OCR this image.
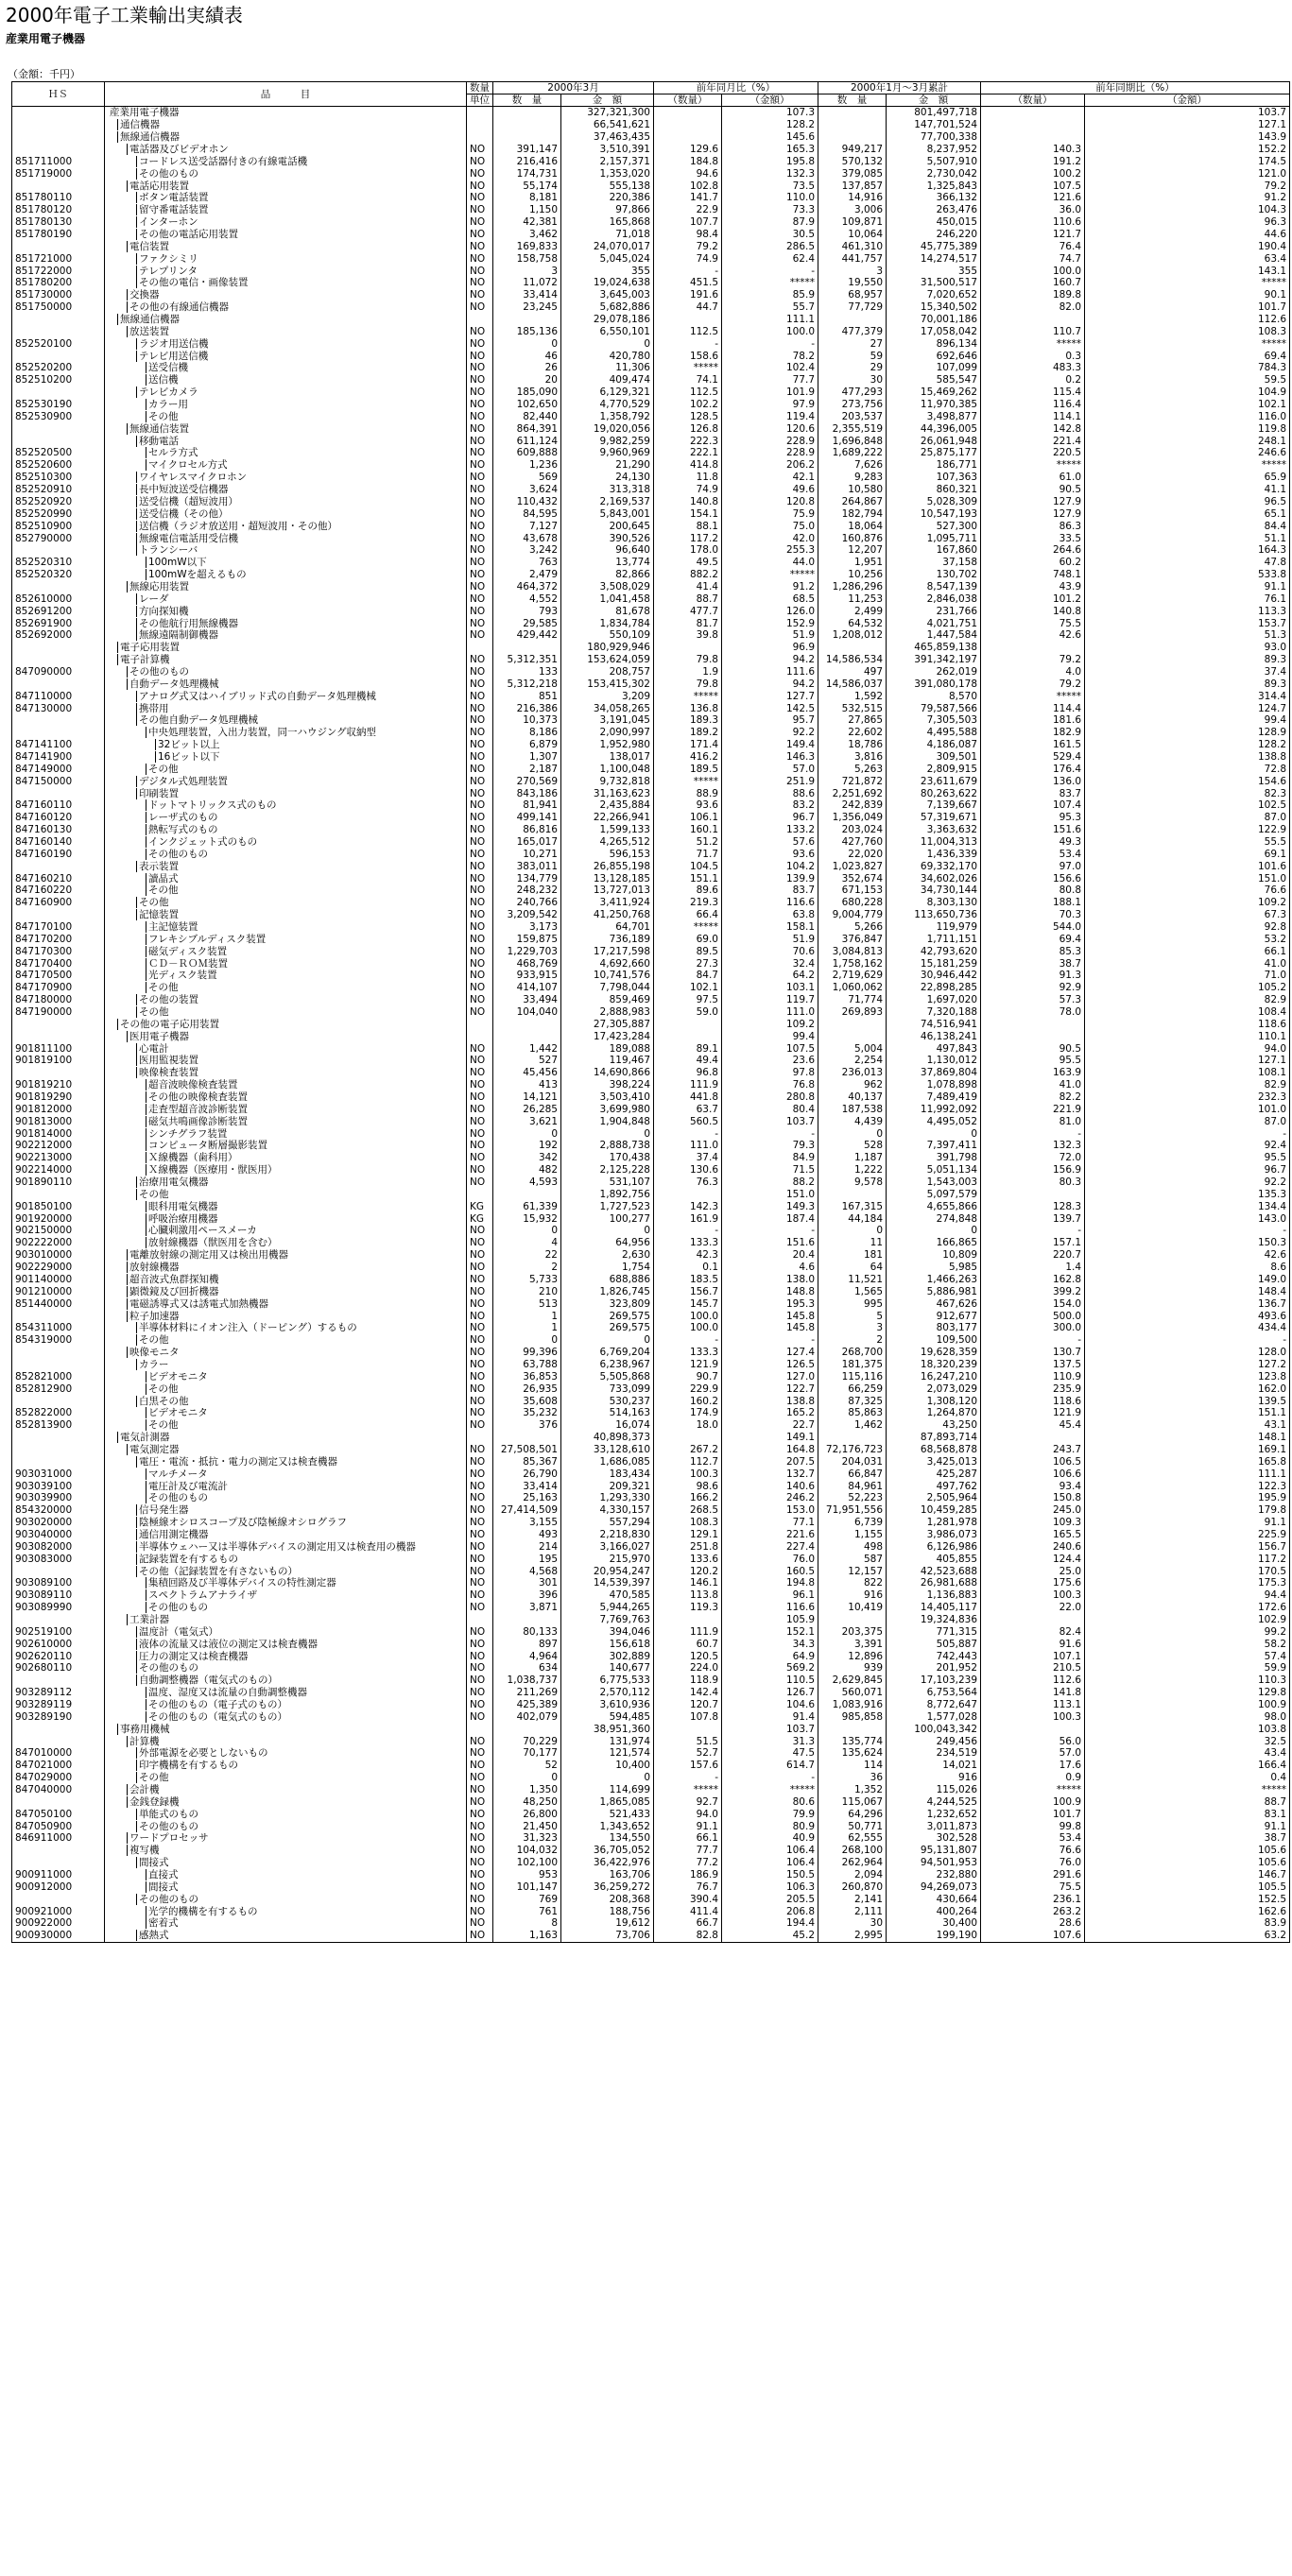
2000年電子工業輸出実績表
産業用電子機器
（金額：千円）
ＨＳ	品　　　目	数量	2000年3月		前年同月比（%）		2000年1月～3月累計		前年同期比（%）	
		単位	数　量	金　額	（数量）	（金額）	数　量	金　額	（数量）	（金額）

	産業用電子機器			327,321,300		107.3		801,497,718		103.7

	通信機器			66,541,621		128.2		147,701,524		127.1

	無線通信機器			37,463,435		145.6		77,700,338		143.9

	電話器及びビデオホン	NO	391,147	3,510,391	129.6	165.3	949,217	8,237,952	140.3	152.2
851711000	コードレス送受話器付きの有線電話機	NO	216,416	2,157,371	184.8	195.8	570,132	5,507,910	191.2	174.5
851719000	その他のもの	NO	174,731	1,353,020	94.6	132.3	379,085	2,730,042	100.2	121.0

	電話応用装置	NO	55,174	555,138	102.8	73.5	137,857	1,325,843	107.5	79.2
851780110	ボタン電話装置	NO	8,181	220,386	141.7	110.0	14,916	366,132	121.6	91.2
851780120	留守番電話装置	NO	1,150	97,866	22.9	73.3	3,006	263,476	36.0	104.3
851780130	インターホン	NO	42,381	165,868	107.7	87.9	109,871	450,015	110.6	96.3
851780190	その他の電話応用装置	NO	3,462	71,018	98.4	30.5	10,064	246,220	121.7	44.6

	電信装置	NO	169,833	24,070,017	79.2	286.5	461,310	45,775,389	76.4	190.4
851721000	ファクシミリ	NO	158,758	5,045,024	74.9	62.4	441,757	14,274,517	74.7	63.4
851722000	テレプリンタ	NO	3	355	-	-	3	355	100.0	143.1
851780200	その他の電信・画像装置	NO	11,072	19,024,638	451.5	*****	19,550	31,500,517	160.7	*****
851730000	交換器	NO	33,414	3,645,003	191.6	85.9	68,957	7,020,652	189.8	90.1
851750000	その他の有線通信機器	NO	23,245	5,682,886	44.7	55.7	77,729	15,340,502	82.0	101.7

	無線通信機器			29,078,186		111.1		70,001,186		112.6

	放送装置	NO	185,136	6,550,101	112.5	100.0	477,379	17,058,042	110.7	108.3
852520100	ラジオ用送信機	NO	0	0	-	-	27	896,134	*****	*****

	テレビ用送信機	NO	46	420,780	158.6	78.2	59	692,646	0.3	69.4
852520200	送受信機	NO	26	11,306	*****	102.4	29	107,099	483.3	784.3
852510200	送信機	NO	20	409,474	74.1	77.7	30	585,547	0.2	59.5

	テレビカメラ	NO	185,090	6,129,321	112.5	101.9	477,293	15,469,262	115.4	104.9
852530190	カラー用	NO	102,650	4,770,529	102.2	97.9	273,756	11,970,385	116.4	102.1
852530900	その他	NO	82,440	1,358,792	128.5	119.4	203,537	3,498,877	114.1	116.0

	無線通信装置	NO	864,391	19,020,056	126.8	120.6	2,355,519	44,396,005	142.8	119.8

	移動電話	NO	611,124	9,982,259	222.3	228.9	1,696,848	26,061,948	221.4	248.1
852520500	セルラ方式	NO	609,888	9,960,969	222.1	228.9	1,689,222	25,875,177	220.5	246.6
852520600	マイクロセル方式	NO	1,236	21,290	414.8	206.2	7,626	186,771	*****	*****
852510300	ワイヤレスマイクロホン	NO	569	24,130	11.8	42.1	9,283	107,363	61.0	65.9
852520910	長中短波送受信機器	NO	3,624	313,318	74.9	49.6	10,580	860,321	90.5	41.1
852520920	送受信機（超短波用）	NO	110,432	2,169,537	140.8	120.8	264,867	5,028,309	127.9	96.5
852520990	送受信機（その他）	NO	84,595	5,843,001	154.1	75.9	182,794	10,547,193	127.9	65.1
852510900	送信機（ラジオ放送用・超短波用・その他）	NO	7,127	200,645	88.1	75.0	18,064	527,300	86.3	84.4
852790000	無線電信電話用受信機	NO	43,678	390,526	117.2	42.0	160,876	1,095,711	33.5	51.1

	トランシーバ	NO	3,242	96,640	178.0	255.3	12,207	167,860	264.6	164.3
852520310	100mW以下	NO	763	13,774	49.5	44.0	1,951	37,158	60.2	47.8
852520320	100mWを超えるもの	NO	2,479	82,866	882.2	*****	10,256	130,702	748.1	533.8

	無線応用装置	NO	464,372	3,508,029	41.4	91.2	1,286,296	8,547,139	43.9	91.1
852610000	レーダ	NO	4,552	1,041,458	88.7	68.5	11,253	2,846,038	101.2	76.1
852691200	方向探知機	NO	793	81,678	477.7	126.0	2,499	231,766	140.8	113.3
852691900	その他航行用無線機器	NO	29,585	1,834,784	81.7	152.9	64,532	4,021,751	75.5	153.7
852692000	無線遠隔制御機器	NO	429,442	550,109	39.8	51.9	1,208,012	1,447,584	42.6	51.3

	電子応用装置			180,929,946		96.9		465,859,138		93.0

	電子計算機	NO	5,312,351	153,624,059	79.8	94.2	14,586,534	391,342,197	79.2	89.3
847090000	その他のもの	NO	133	208,757	1.9	111.6	497	262,019	4.0	37.4

	自動データ処理機械	NO	5,312,218	153,415,302	79.8	94.2	14,586,037	391,080,178	79.2	89.3
847110000	アナログ式又はハイブリッド式の自動データ処理機械	NO	851	3,209	*****	127.7	1,592	8,570	*****	314.4
847130000	携帯用	NO	216,386	34,058,265	136.8	142.5	532,515	79,587,566	114.4	124.7

	その他自動データ処理機械	NO	10,373	3,191,045	189.3	95.7	27,865	7,305,503	181.6	99.4

	中央処理装置，入出力装置，同一ハウジング収納型	NO	8,186	2,090,997	189.2	92.2	22,602	4,495,588	182.9	128.9
847141100	32ビット以上	NO	6,879	1,952,980	171.4	149.4	18,786	4,186,087	161.5	128.2
847141900	16ビット以下	NO	1,307	138,017	416.2	146.3	3,816	309,501	529.4	138.8
847149000	その他	NO	2,187	1,100,048	189.5	57.0	5,263	2,809,915	176.4	72.8
847150000	デジタル式処理装置	NO	270,569	9,732,818	*****	251.9	721,872	23,611,679	136.0	154.6

	印刷装置	NO	843,186	31,163,623	88.9	88.6	2,251,692	80,263,622	83.7	82.3
847160110	ドットマトリックス式のもの	NO	81,941	2,435,884	93.6	83.2	242,839	7,139,667	107.4	102.5
847160120	レーザ式のもの	NO	499,141	22,266,941	106.1	96.7	1,356,049	57,319,671	95.3	87.0
847160130	熱転写式のもの	NO	86,816	1,599,133	160.1	133.2	203,024	3,363,632	151.6	122.9
847160140	インクジェット式のもの	NO	165,017	4,265,512	51.2	57.6	427,760	11,004,313	49.3	55.5
847160190	その他のもの	NO	10,271	596,153	71.7	93.6	22,020	1,436,339	53.4	69.1

	表示装置	NO	383,011	26,855,198	104.5	104.2	1,023,827	69,332,170	97.0	101.6
847160210	讀晶式	NO	134,779	13,128,185	151.1	139.9	352,674	34,602,026	156.6	151.0
847160220	その他	NO	248,232	13,727,013	89.6	83.7	671,153	34,730,144	80.8	76.6
847160900	その他	NO	240,766	3,411,924	219.3	116.6	680,228	8,303,130	188.1	109.2

	記憶装置	NO	3,209,542	41,250,768	66.4	63.8	9,004,779	113,650,736	70.3	67.3
847170100	主記憶装置	NO	3,173	64,701	*****	158.1	5,266	119,979	544.0	92.8
847170200	フレキシブルディスク装置	NO	159,875	736,189	69.0	51.9	376,847	1,711,151	69.4	53.2
847170300	磁気ディスク装置	NO	1,229,703	17,217,598	89.5	70.6	3,084,813	42,793,620	85.3	66.1
847170400	ＣＤ－ＲＯＭ装置	NO	468,769	4,692,660	27.3	32.4	1,758,162	15,181,259	38.7	41.0
847170500	光ディスク装置	NO	933,915	10,741,576	84.7	64.2	2,719,629	30,946,442	91.3	71.0
847170900	その他	NO	414,107	7,798,044	102.1	103.1	1,060,062	22,898,285	92.9	105.2
847180000	その他の装置	NO	33,494	859,469	97.5	119.7	71,774	1,697,020	57.3	82.9
847190000	その他	NO	104,040	2,888,983	59.0	111.0	269,893	7,320,188	78.0	108.4

	その他の電子応用装置			27,305,887		109.2		74,516,941		118.6

	医用電子機器			17,423,284		99.4		46,138,241		110.1
901811100	心電計	NO	1,442	189,088	89.1	107.5	5,004	497,843	90.5	94.0
901819100	医用監視装置	NO	527	119,467	49.4	23.6	2,254	1,130,012	95.5	127.1

	映像検査装置	NO	45,456	14,690,866	96.8	97.8	236,013	37,869,804	163.9	108.1
901819210	超音波映像検査装置	NO	413	398,224	111.9	76.8	962	1,078,898	41.0	82.9
901819290	その他の映像検査装置	NO	14,121	3,503,410	441.8	280.8	40,137	7,489,419	82.2	232.3
901812000	走査型超音波診断装置	NO	26,285	3,699,980	63.7	80.4	187,538	11,992,092	221.9	101.0
901813000	磁気共鳴画像診断装置	NO	3,621	1,904,848	560.5	103.7	4,439	4,495,052	81.0	87.0
901814000	シンチグラフ装置	NO	0	0	-	-	0	0	-	-
902212000	コンピュータ断層撮影装置	NO	192	2,888,738	111.0	79.3	528	7,397,411	132.3	92.4
902213000	Ｘ線機器（歯科用）	NO	342	170,438	37.4	84.9	1,187	391,798	72.0	95.5
902214000	Ｘ線機器（医療用・獣医用）	NO	482	2,125,228	130.6	71.5	1,222	5,051,134	156.9	96.7
901890110	治療用電気機器	NO	4,593	531,107	76.3	88.2	9,578	1,543,003	80.3	92.2

	その他			1,892,756		151.0		5,097,579		135.3
901850100	眼科用電気機器	KG	61,339	1,727,523	142.3	149.3	167,315	4,655,866	128.3	134.4
901920000	呼吸治療用機器	KG	15,932	100,277	161.9	187.4	44,184	274,848	139.7	143.0
902150000	心臓刺激用ペースメーカ	NO	0	0	-	-	0	0	-	-
902222000	放射線機器（獣医用を含む）	NO	4	64,956	133.3	151.6	11	166,865	157.1	150.3
903010000	電離放射線の測定用又は検出用機器	NO	22	2,630	42.3	20.4	181	10,809	220.7	42.6
902229000	放射線機器	NO	2	1,754	0.1	4.6	64	5,985	1.4	8.6
901140000	超音波式魚群探知機	NO	5,733	688,886	183.5	138.0	11,521	1,466,263	162.8	149.0
901210000	顕微鏡及び回折機器	NO	210	1,826,745	156.7	148.8	1,565	5,886,981	399.2	148.4
851440000	電磁誘導式又は誘電式加熱機器	NO	513	323,809	145.7	195.3	995	467,626	154.0	136.7

	粒子加速器	NO	1	269,575	100.0	145.8	5	912,677	500.0	493.6
854311000	半導体材料にイオン注入（ドーピング）するもの	NO	1	269,575	100.0	145.8	3	803,177	300.0	434.4
854319000	その他	NO	0	0	-	-	2	109,500	-	-

	映像モニタ	NO	99,396	6,769,204	133.3	127.4	268,700	19,628,359	130.7	128.0

	カラー	NO	63,788	6,238,967	121.9	126.5	181,375	18,320,239	137.5	127.2
852821000	ビデオモニタ	NO	36,853	5,505,868	90.7	127.0	115,116	16,247,210	110.9	123.8
852812900	その他	NO	26,935	733,099	229.9	122.7	66,259	2,073,029	235.9	162.0

	白黒その他	NO	35,608	530,237	160.2	138.8	87,325	1,308,120	118.6	139.5
852822000	ビデオモニタ	NO	35,232	514,163	174.9	165.2	85,863	1,264,870	121.9	151.1
852813900	その他	NO	376	16,074	18.0	22.7	1,462	43,250	45.4	43.1

	電気計測器			40,898,373		149.1		87,893,714		148.1

	電気測定器	NO	27,508,501	33,128,610	267.2	164.8	72,176,723	68,568,878	243.7	169.1

	電圧・電流・抵抗・電力の測定又は検査機器	NO	85,367	1,686,085	112.7	207.5	204,031	3,425,013	106.5	165.8
903031000	マルチメータ	NO	26,790	183,434	100.3	132.7	66,847	425,287	106.6	111.1
903039100	電圧計及び電流計	NO	33,414	209,321	98.6	140.6	84,961	497,762	93.4	122.3
903039900	その他のもの	NO	25,163	1,293,330	166.2	246.2	52,223	2,505,964	150.8	195.9
854320000	信号発生器	NO	27,414,509	4,330,157	268.5	153.0	71,951,556	10,459,285	245.0	179.8
903020000	陰極線オシロスコープ及び陰極線オシログラフ	NO	3,155	557,294	108.3	77.1	6,739	1,281,978	109.3	91.1
903040000	通信用測定機器	NO	493	2,218,830	129.1	221.6	1,155	3,986,073	165.5	225.9
903082000	半導体ウェハー又は半導体デバイスの測定用又は検査用の機器	NO	214	3,166,027	251.8	227.4	498	6,126,986	240.6	156.7
903083000	記録装置を有するもの	NO	195	215,970	133.6	76.0	587	405,855	124.4	117.2

	その他（記録装置を有さないもの）	NO	4,568	20,954,247	120.2	160.5	12,157	42,523,688	25.0	170.5
903089100	集積回路及び半導体デバイスの特性測定器	NO	301	14,539,397	146.1	194.8	822	26,981,688	175.6	175.3
903089110	スペクトラムアナライザ	NO	396	470,585	113.8	96.1	916	1,136,883	100.3	94.4
903089990	その他のもの	NO	3,871	5,944,265	119.3	116.6	10,419	14,405,117	22.0	172.6

	工業計器			7,769,763		105.9		19,324,836		102.9
902519100	温度計（電気式）	NO	80,133	394,046	111.9	152.1	203,375	771,315	82.4	99.2
902610000	液体の流量又は液位の測定又は検査機器	NO	897	156,618	60.7	34.3	3,391	505,887	91.6	58.2
902620110	圧力の測定又は検査機器	NO	4,964	302,889	120.5	64.9	12,896	742,443	107.1	57.4
902680110	その他のもの	NO	634	140,677	224.0	569.2	939	201,952	210.5	59.9

	自動調整機器（電気式のもの）	NO	1,038,737	6,775,533	118.9	110.5	2,629,845	17,103,239	112.6	110.3
903289112	温度、湿度又は流量の自動調整機器	NO	211,269	2,570,112	142.4	126.7	560,071	6,753,564	141.8	129.8
903289119	その他のもの（電子式のもの）	NO	425,389	3,610,936	120.7	104.6	1,083,916	8,772,647	113.1	100.9
903289190	その他のもの（電気式のもの）	NO	402,079	594,485	107.8	91.4	985,858	1,577,028	100.3	98.0

	事務用機械			38,951,360		103.7		100,043,342		103.8

	計算機	NO	70,229	131,974	51.5	31.3	135,774	249,456	56.0	32.5
847010000	外部電源を必要としないもの	NO	70,177	121,574	52.7	47.5	135,624	234,519	57.0	43.4
847021000	印字機構を有するもの	NO	52	10,400	157.6	614.7	114	14,021	17.6	166.4
847029000	その他	NO	0	0	-	-	36	916	0.9	0.4
847040000	会計機	NO	1,350	114,699	*****	*****	1,352	115,026	*****	*****

	金銭登録機	NO	48,250	1,865,085	92.7	80.6	115,067	4,244,525	100.9	88.7
847050100	単能式のもの	NO	26,800	521,433	94.0	79.9	64,296	1,232,652	101.7	83.1
847050900	その他のもの	NO	21,450	1,343,652	91.1	80.9	50,771	3,011,873	99.8	91.1
846911000	ワードプロセッサ	NO	31,323	134,550	66.1	40.9	62,555	302,528	53.4	38.7

	複写機	NO	104,032	36,705,052	77.7	106.4	268,100	95,131,807	76.6	105.6

	間接式	NO	102,100	36,422,976	77.2	106.4	262,964	94,501,953	76.0	105.6
900911000	直接式	NO	953	163,706	186.9	150.5	2,094	232,880	291.6	146.7
900912000	間接式	NO	101,147	36,259,272	76.7	106.3	260,870	94,269,073	75.5	105.5

	その他のもの	NO	769	208,368	390.4	205.5	2,141	430,664	236.1	152.5
900921000	光学的機構を有するもの	NO	761	188,756	411.4	206.8	2,111	400,264	263.2	162.6
900922000	密着式	NO	8	19,612	66.7	194.4	30	30,400	28.6	83.9
900930000	感熱式	NO	1,163	73,706	82.8	45.2	2,995	199,190	107.6	63.2
